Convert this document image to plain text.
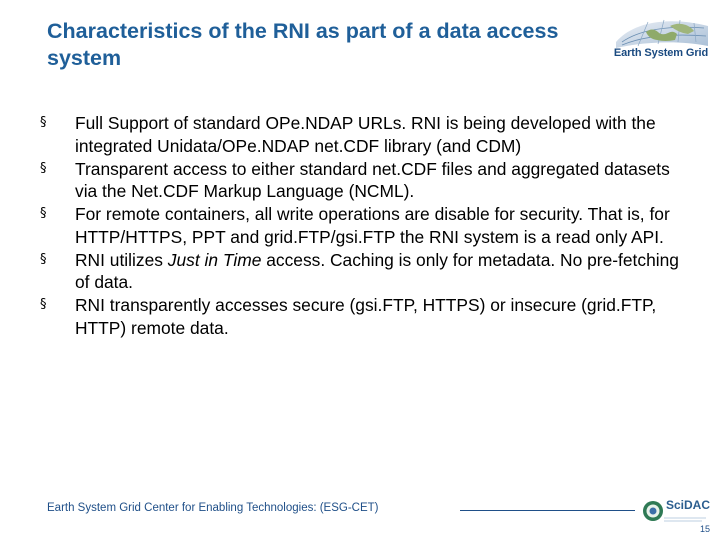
Characteristics of the RNI as part of a data access system	Earth System Grid
§	Full Support of standard OPe.NDAP URLs. RNI is being developed with the integrated Unidata/OPe.NDAP net.CDF library (and CDM)
§	Transparent access to either standard net.CDF files and aggregated datasets via the Net.CDF Markup Language (NCML).
§	For remote containers, all write operations are disable for security. That is, for HTTP/HTTPS, PPT and grid.FTP/gsi.FTP the RNI system is a read only API.
§	RNI utilizes Just in Time access. Caching is only for metadata. No pre-fetching of data.
§	RNI transparently accesses secure (gsi.FTP, HTTPS) or insecure (grid.FTP, HTTP) remote data.
Earth System Grid Center for Enabling Technologies: (ESG-CET)	SciDAC
15
